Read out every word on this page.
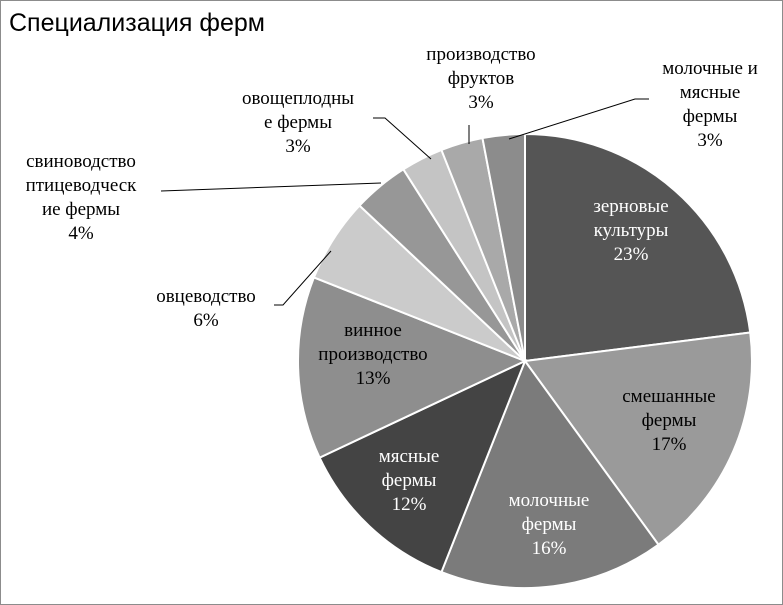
Специализация ферм
зерновые
культуры
23%
смешанные
фермы
17%
молочные
фермы
16%
мясные
фермы
12%
винное
производство
13%
овцеводство
6%
свиноводство
птицеводческ
ие фермы
4%
овощеплодны
е фермы
3%
производство
фруктов
3%
молочные и
мясные
фермы
3%
